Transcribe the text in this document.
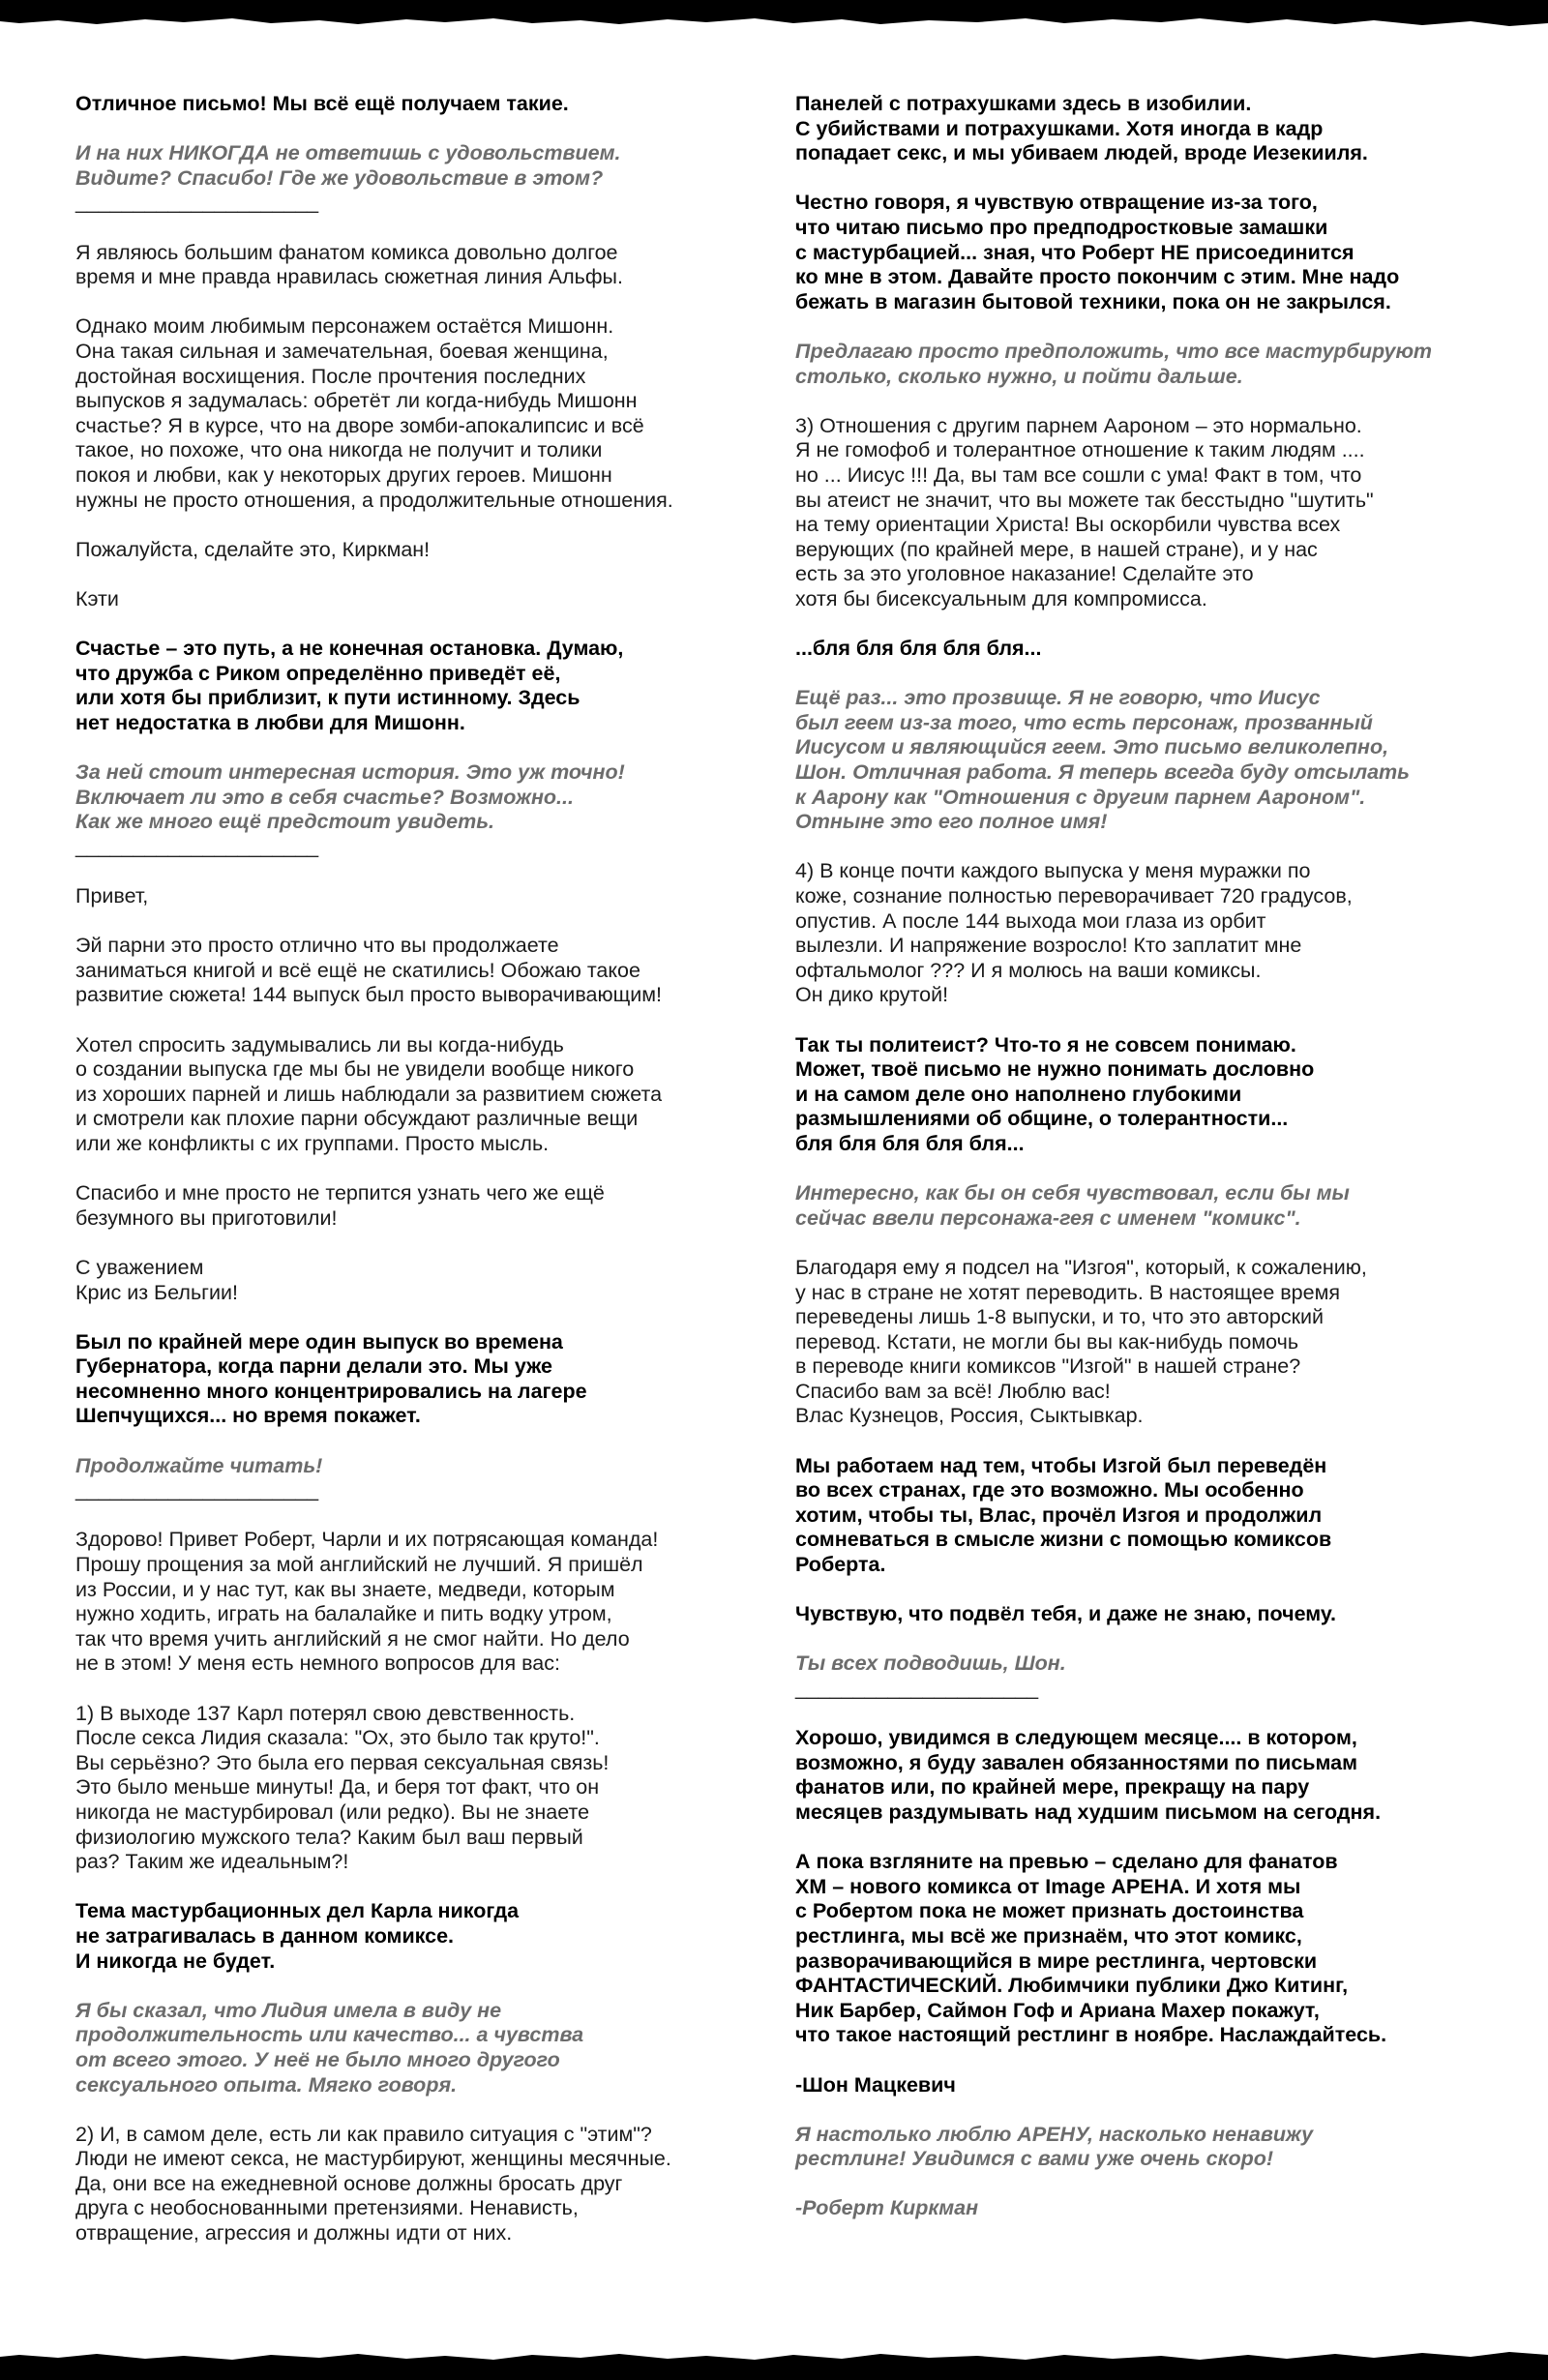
Отличное письмо! Мы всё ещё получаем такие.
И на них НИКОГДА не ответишь с удовольствием.
Видите? Спасибо! Где же удовольствие в этом?
_____________________
Я являюсь большим фанатом комикса довольно долгое
время и мне правда нравилась сюжетная линия Альфы.
Однако моим любимым персонажем остаётся Мишонн.
Она такая сильная и замечательная, боевая женщина,
достойная восхищения. После прочтения последних
выпусков я задумалась: обретёт ли когда-нибудь Мишонн
счастье? Я в курсе, что на дворе зомби-апокалипсис и всё
такое, но похоже, что она никогда не получит и толики
покоя и любви, как у некоторых других героев. Мишонн
нужны не просто отношения, а продолжительные отношения.
Пожалуйста, сделайте это, Киркман!
Кэти
Счастье – это путь, а не конечная остановка. Думаю,
что дружба с Риком определённо приведёт её,
или хотя бы приблизит, к пути истинному. Здесь
нет недостатка в любви для Мишонн.
За ней стоит интересная история. Это уж точно!
Включает ли это в себя счастье? Возможно...
Как же много ещё предстоит увидеть.
_____________________
Привет,
Эй парни это просто отлично что вы продолжаете
заниматься книгой и всё ещё не скатились! Обожаю такое
развитие сюжета! 144 выпуск был просто выворачивающим!
Хотел спросить задумывались ли вы когда-нибудь
о создании выпуска где мы бы не увидели вообще никого
из хороших парней и лишь наблюдали за развитием сюжета
и смотрели как плохие парни обсуждают различные вещи
или же конфликты с их группами. Просто мысль.
Спасибо и мне просто не терпится узнать чего же ещё
безумного вы приготовили!
С уважением
Крис из Бельгии!
Был по крайней мере один выпуск во времена
Губернатора, когда парни делали это. Мы уже
несомненно много концентрировались на лагере
Шепчущихся... но время покажет.
Продолжайте читать!
_____________________
Здорово! Привет Роберт, Чарли и их потрясающая команда!
Прошу прощения за мой английский не лучший. Я пришёл
из России, и у нас тут, как вы знаете, медведи, которым
нужно ходить, играть на балалайке и пить водку утром,
так что время учить английский я не смог найти. Но дело
не в этом! У меня есть немного вопросов для вас:
1) В выходе 137 Карл потерял свою девственность.
После секса Лидия сказала: "Ох, это было так круто!".
Вы серьёзно? Это была его первая сексуальная связь!
Это было меньше минуты! Да, и беря тот факт, что он
никогда не мастурбировал (или редко). Вы не знаете
физиологию мужского тела? Каким был ваш первый
раз? Таким же идеальным?!
Тема мастурбационных дел Карла никогда
не затрагивалась в данном комиксе.
И никогда не будет.
Я бы сказал, что Лидия имела в виду не
продолжительность или качество... а чувства
от всего этого. У неё не было много другого
сексуального опыта. Мягко говоря.
2) И, в самом деле, есть ли как правило ситуация с "этим"?
Люди не имеют секса, не мастурбируют, женщины месячные.
Да, они все на ежедневной основе должны бросать друг
друга с необоснованными претензиями. Ненависть,
отвращение, агрессия и должны идти от них.
Панелей с потрахушками здесь в изобилии.
С убийствами и потрахушками. Хотя иногда в кадр
попадает секс, и мы убиваем людей, вроде Иезекииля.
Честно говоря, я чувствую отвращение из-за того,
что читаю письмо про предподростковые замашки
с мастурбацией... зная, что Роберт НЕ присоединится
ко мне в этом. Давайте просто покончим с этим. Мне надо
бежать в магазин бытовой техники, пока он не закрылся.
Предлагаю просто предположить, что все мастурбируют
столько, сколько нужно, и пойти дальше.
3) Отношения с другим парнем Аароном – это нормально.
Я не гомофоб и толерантное отношение к таким людям ....
но ... Иисус !!! Да, вы там все сошли с ума! Факт в том, что
вы атеист не значит, что вы можете так бесстыдно "шутить"
на тему ориентации Христа! Вы оскорбили чувства всех
верующих (по крайней мере, в нашей стране), и у нас
есть за это уголовное наказание! Сделайте это
хотя бы бисексуальным для компромисса.
...бля бля бля бля бля...
Ещё раз... это прозвище. Я не говорю, что Иисус
был геем из-за того, что есть персонаж, прозванный
Иисусом и являющийся геем. Это письмо великолепно,
Шон. Отличная работа. Я теперь всегда буду отсылать
к Аарону как "Отношения с другим парнем Аароном".
Отныне это его полное имя!
4) В конце почти каждого выпуска у меня муражки по
коже, сознание полностью переворачивает 720 градусов,
опустив. А после 144 выхода мои глаза из орбит
вылезли. И напряжение возросло! Кто заплатит мне
офтальмолог ??? И я молюсь на ваши комиксы.
Он дико крутой!
Так ты политеист? Что-то я не совсем понимаю.
Может, твоё письмо не нужно понимать дословно
и на самом деле оно наполнено глубокими
размышлениями об общине, о толерантности...
бля бля бля бля бля...
Интересно, как бы он себя чувствовал, если бы мы
сейчас ввели персонажа-гея с именем "комикс".
Благодаря ему я подсел на "Изгоя", который, к сожалению,
у нас в стране не хотят переводить. В настоящее время
переведены лишь 1-8 выпуски, и то, что это авторский
перевод. Кстати, не могли бы вы как-нибудь помочь
в переводе книги комиксов "Изгой" в нашей стране?
Спасибо вам за всё! Люблю вас!
Влас Кузнецов, Россия, Сыктывкар.
Мы работаем над тем, чтобы Изгой был переведён
во всех странах, где это возможно. Мы особенно
хотим, чтобы ты, Влас, прочёл Изгоя и продолжил
сомневаться в смысле жизни с помощью комиксов
Роберта.
Чувствую, что подвёл тебя, и даже не знаю, почему.
Ты всех подводишь, Шон.
_____________________
Хорошо, увидимся в следующем месяце.... в котором,
возможно, я буду завален обязанностями по письмам
фанатов или, по крайней мере, прекращу на пару
месяцев раздумывать над худшим письмом на сегодня.
А пока взгляните на превью – сделано для фанатов
ХМ – нового комикса от Image АРЕНА. И хотя мы
с Робертом пока не может признать достоинства
рестлинга, мы всё же признаём, что этот комикс,
разворачивающийся в мире рестлинга, чертовски
ФАНТАСТИЧЕСКИЙ. Любимчики публики Джо Китинг,
Ник Барбер, Саймон Гоф и Ариана Махер покажут,
что такое настоящий рестлинг в ноябре. Наслаждайтесь.
-Шон Мацкевич
Я настолько люблю АРЕНУ, насколько ненавижу
рестлинг! Увидимся с вами уже очень скоро!
-Роберт Киркман
